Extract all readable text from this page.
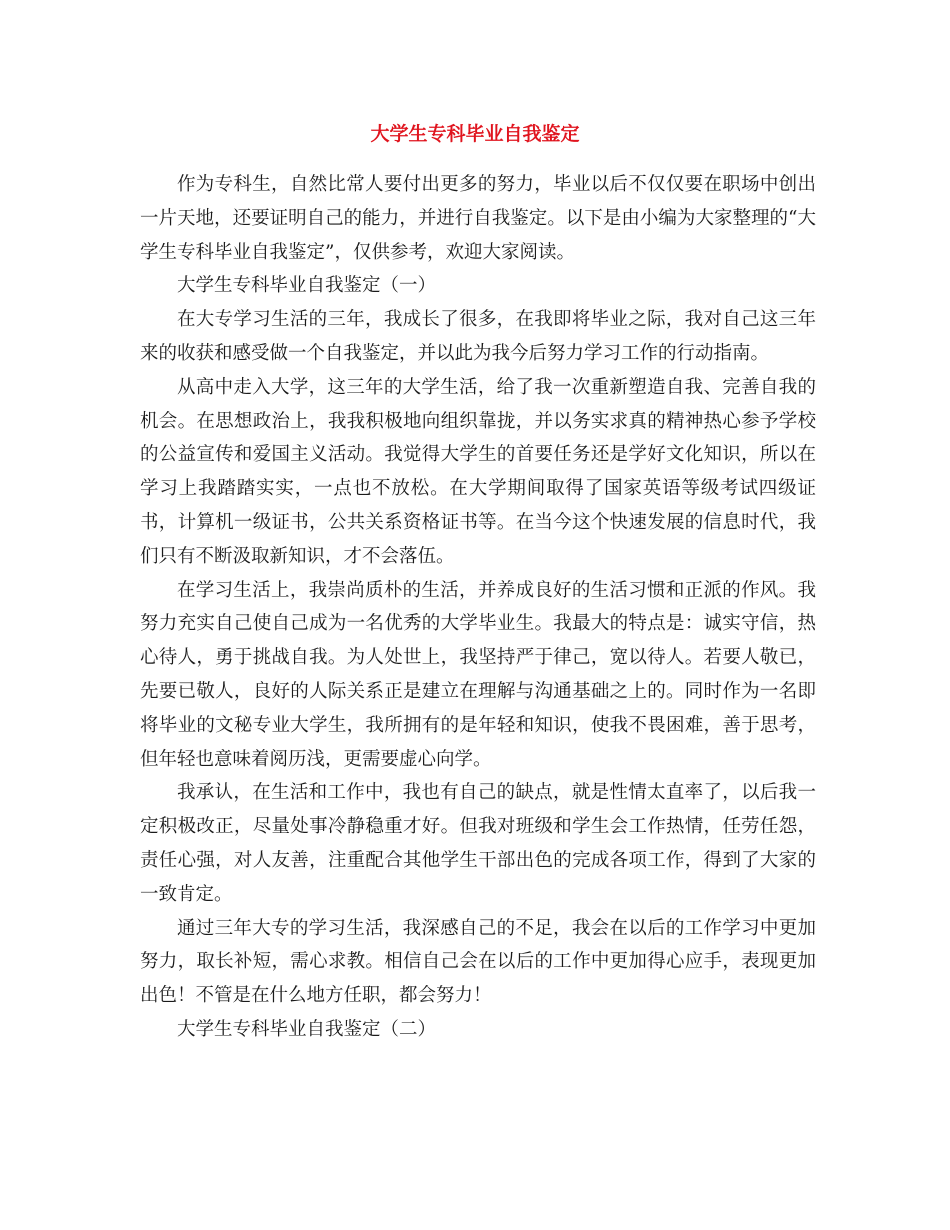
大学生专科毕业自我鉴定

作为专科生，自然比常人要付出更多的努力，毕业以后不仅仅要在职场中创出一片天地，还要证明自己的能力，并进行自我鉴定。以下是由小编为大家整理的“大学生专科毕业自我鉴定”，仅供参考，欢迎大家阅读。

大学生专科毕业自我鉴定（一）

在大专学习生活的三年，我成长了很多，在我即将毕业之际，我对自己这三年来的收获和感受做一个自我鉴定，并以此为我今后努力学习工作的行动指南。

从高中走入大学，这三年的大学生活，给了我一次重新塑造自我、完善自我的机会。在思想政治上，我我积极地向组织靠拢，并以务实求真的精神热心参予学校的公益宣传和爱国主义活动。我觉得大学生的首要任务还是学好文化知识，所以在学习上我踏踏实实，一点也不放松。在大学期间取得了国家英语等级考试四级证书，计算机一级证书，公共关系资格证书等。在当今这个快速发展的信息时代，我们只有不断汲取新知识，才不会落伍。

在学习生活上，我崇尚质朴的生活，并养成良好的生活习惯和正派的作风。我努力充实自己使自己成为一名优秀的大学毕业生。我最大的特点是：诚实守信，热心待人，勇于挑战自我。为人处世上，我坚持严于律己，宽以待人。若要人敬已，先要已敬人，良好的人际关系正是建立在理解与沟通基础之上的。同时作为一名即将毕业的文秘专业大学生，我所拥有的是年轻和知识，使我不畏困难，善于思考，但年轻也意味着阅历浅，更需要虚心向学。

我承认，在生活和工作中，我也有自己的缺点，就是性情太直率了，以后我一定积极改正，尽量处事冷静稳重才好。但我对班级和学生会工作热情，任劳任怨，责任心强，对人友善，注重配合其他学生干部出色的完成各项工作，得到了大家的一致肯定。

通过三年大专的学习生活，我深感自己的不足，我会在以后的工作学习中更加努力，取长补短，需心求教。相信自己会在以后的工作中更加得心应手，表现更加出色！不管是在什么地方任职，都会努力！

大学生专科毕业自我鉴定（二）
